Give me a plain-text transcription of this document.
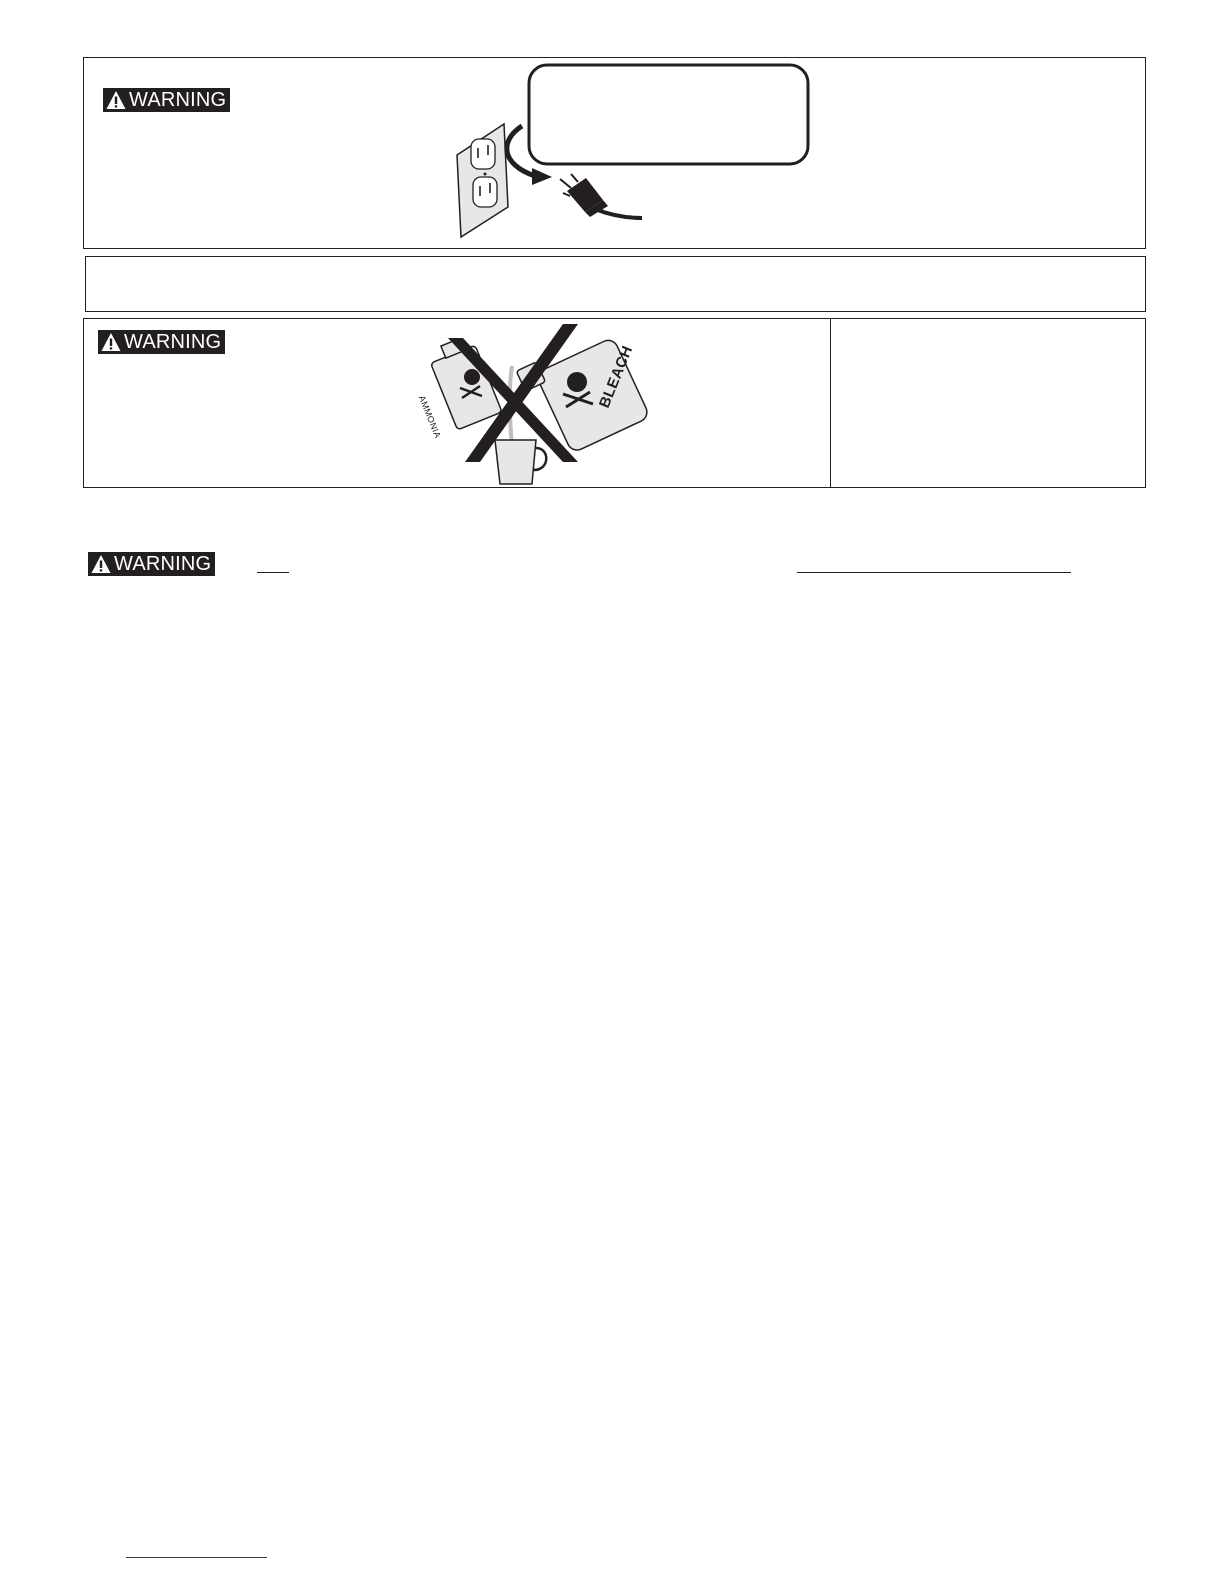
WARNING
WARNING
AMMONIA
BLEACH
WARNING
